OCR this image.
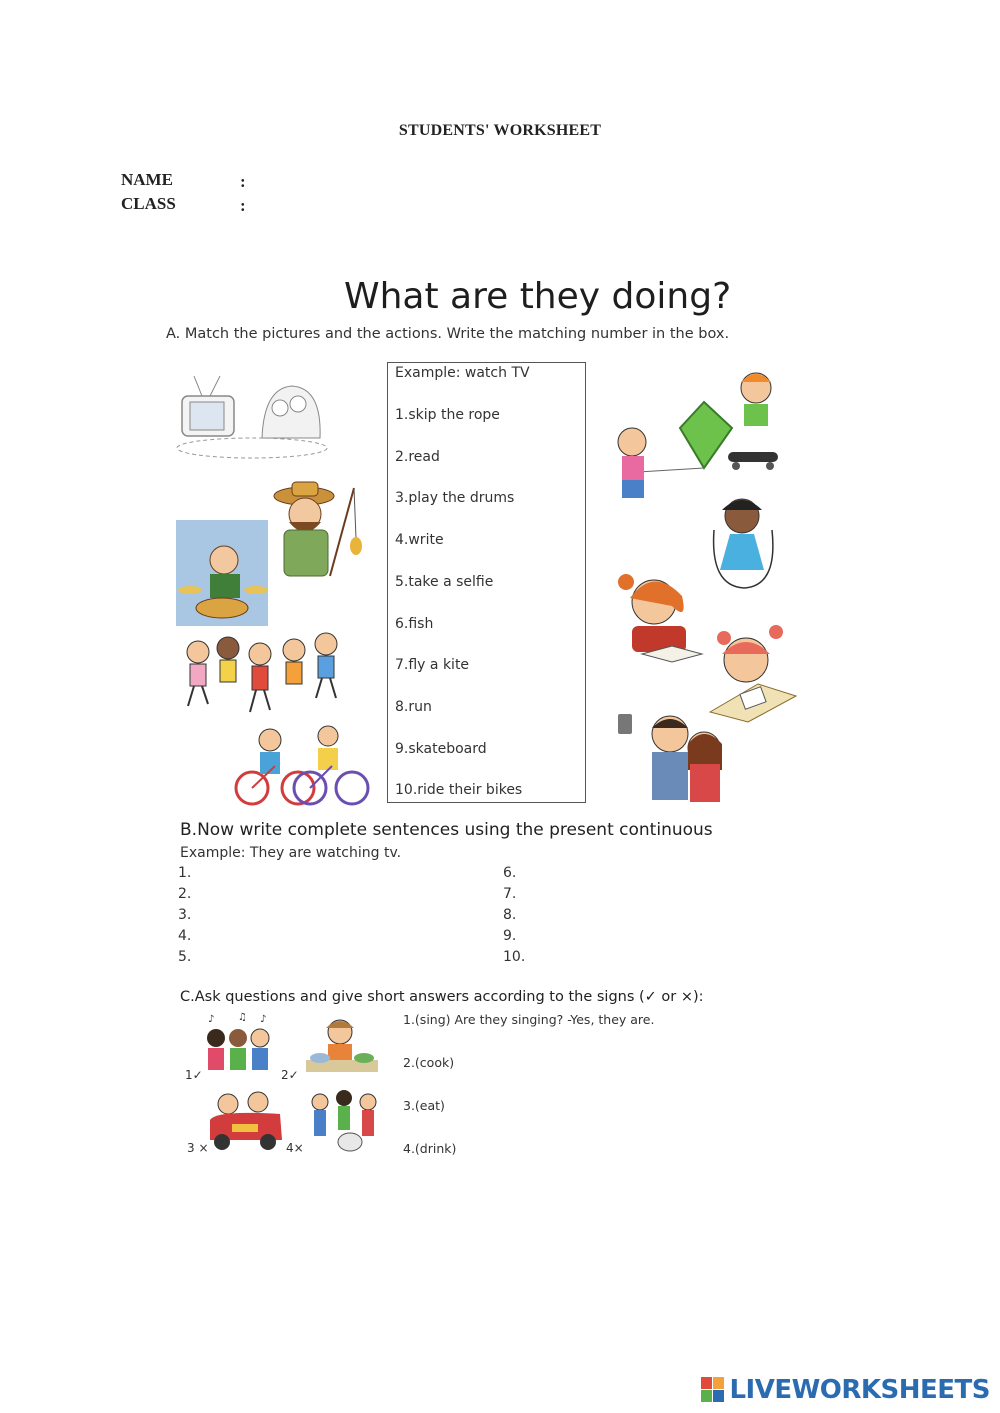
STUDENTS' WORKSHEET
NAME	:
CLASS	:
What are they doing?
A. Match the pictures and the actions. Write the matching number in the box.
Example: watch TV
1.skip the rope
2.read
3.play the drums
4.write
5.take a selfie
6.fish
7.fly a kite
8.run
9.skateboard
10.ride their bikes
B.Now write complete sentences using the present continuous
Example: They are watching tv.
1.
2.
3.
4.
5.
6.
7.
8.
9.
10.
C.Ask questions and give short answers according to the signs (✓ or ×):
♪ ♫ ♪
1✓	2✓
3 ×	4×
1.(sing) Are they singing? -Yes, they are.
2.(cook)
3.(eat)
4.(drink)
LIVEWORKSHEETS
